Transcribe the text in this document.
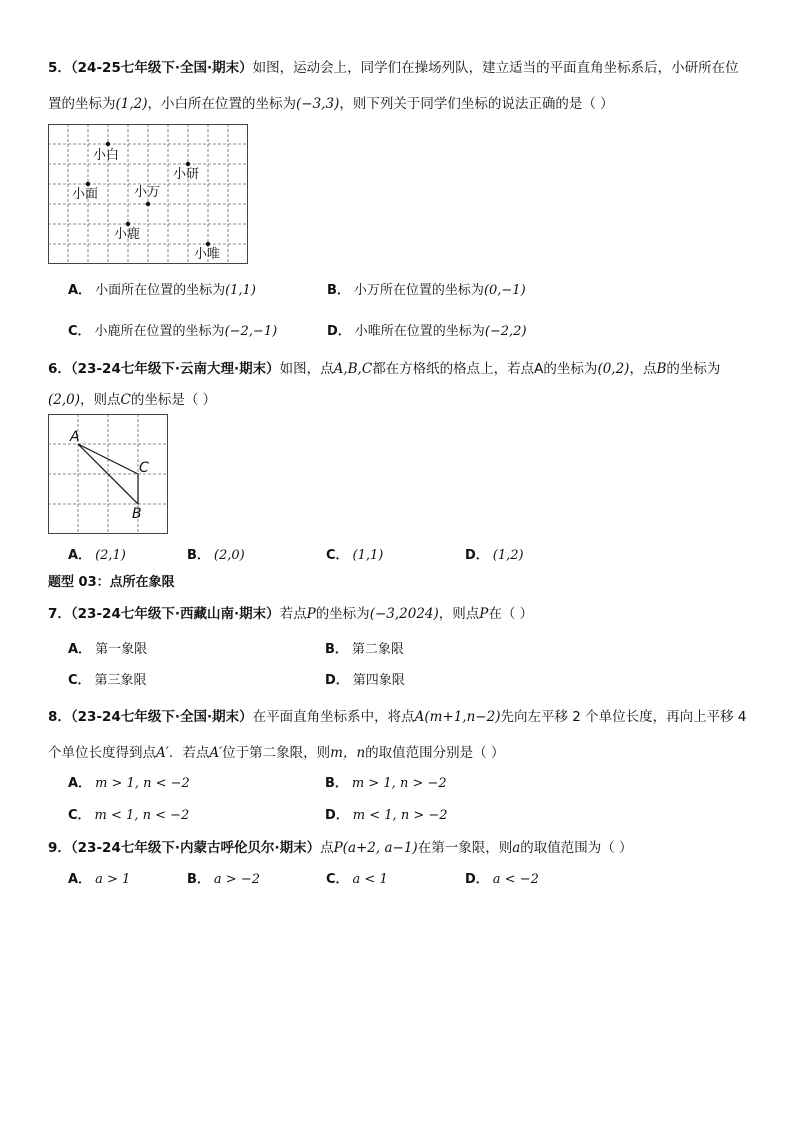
5．（24-25七年级下·全国·期末）如图，运动会上，同学们在操场列队，建立适当的平面直角坐标系后，小研所在位
置的坐标为(1,2)，小白所在位置的坐标为(−3,3)，则下列关于同学们坐标的说法正确的是（ ）
小白
小研
小面	小万
小鹿
小唯
A． 小面所在位置的坐标为(1,1)	B． 小万所在位置的坐标为(0,−1)
C． 小鹿所在位置的坐标为(−2,−1)	D． 小唯所在位置的坐标为(−2,2)
6．（23-24七年级下·云南大理·期末）如图，点A,B,C都在方格纸的格点上，若点A的坐标为(0,2)，点B的坐标为
(2,0)，则点C的坐标是（ ）
A
C
B
A． (2,1)	B． (2,0)	C． (1,1)	D． (1,2)
题型 03：点所在象限
7．（23-24七年级下·西藏山南·期末）若点P的坐标为(−3,2024)，则点P在（ ）
A． 第一象限	B． 第二象限
C． 第三象限	D． 第四象限
8．（23-24七年级下·全国·期末）在平面直角坐标系中，将点A(m+1,n−2)先向左平移 2 个单位长度，再向上平移 4
个单位长度得到点A′．若点A′位于第二象限，则m，n的取值范围分别是（ ）
A． m > 1, n < −2	B． m > 1, n > −2
C． m < 1, n < −2	D． m < 1, n > −2
9．（23-24七年级下·内蒙古呼伦贝尔·期末）点P(a+2, a−1)在第一象限，则a的取值范围为（ ）
A． a > 1	B． a > −2	C． a < 1	D． a < −2
